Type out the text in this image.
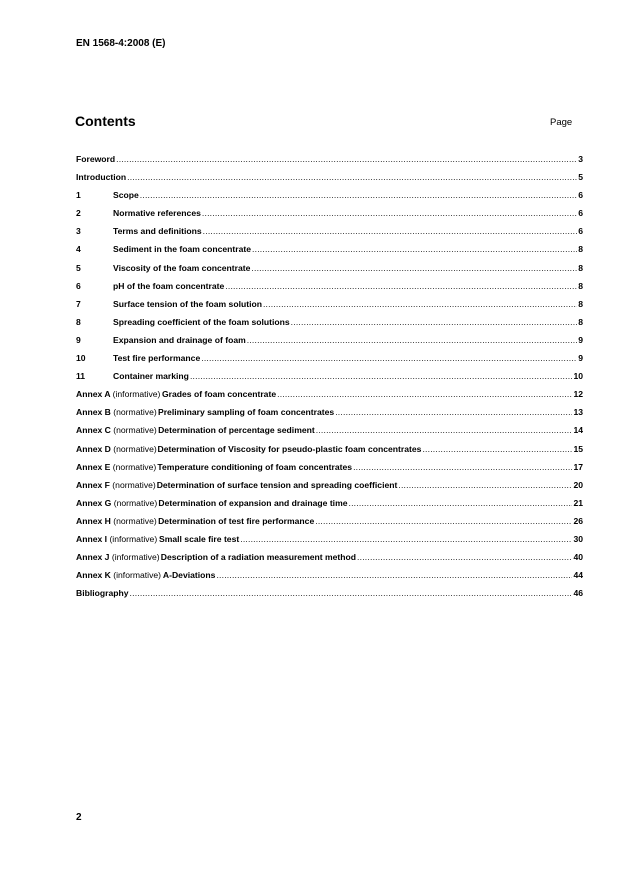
EN 1568-4:2008 (E)
Contents	Page
Foreword .....	3
Introduction .....	5
1	Scope .....	6
2	Normative references .....	6
3	Terms and definitions .....	6
4	Sediment in the foam concentrate .....	8
5	Viscosity of the foam concentrate .....	8
6	pH of the foam concentrate .....	8
7	Surface tension of the foam solution .....	8
8	Spreading coefficient of the foam solutions .....	8
9	Expansion and drainage of foam .....	9
10	Test fire performance .....	9
11	Container marking .....	10
Annex A (informative) Grades of foam concentrate .....	12
Annex B (normative) Preliminary sampling of foam concentrates .....	13
Annex C (normative) Determination of percentage sediment .....	14
Annex D (normative) Determination of Viscosity for pseudo-plastic foam concentrates .....	15
Annex E (normative) Temperature conditioning of foam concentrates .....	17
Annex F (normative) Determination of surface tension and spreading coefficient .....	20
Annex G (normative) Determination of expansion and drainage time .....	21
Annex H (normative) Determination of test fire performance .....	26
Annex I (informative) Small scale fire test .....	30
Annex J (informative) Description of a radiation measurement method .....	40
Annex K (informative) A-Deviations .....	44
Bibliography .....	46
2
